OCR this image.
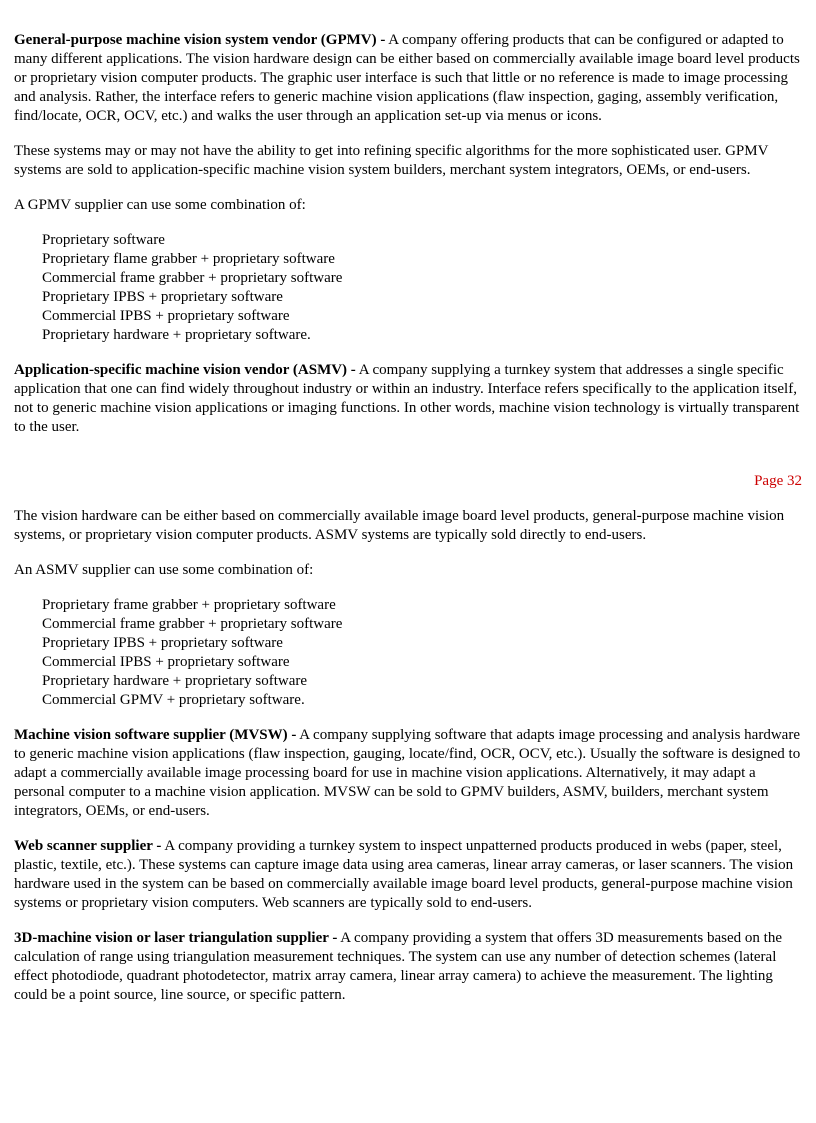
General-purpose machine vision system vendor (GPMV) - A company offering products that can be configured or adapted to many different applications. The vision hardware design can be either based on commercially available image board level products or proprietary vision computer products. The graphic user interface is such that little or no reference is made to image processing and analysis. Rather, the interface refers to generic machine vision applications (flaw inspection, gaging, assembly verification, find/locate, OCR, OCV, etc.) and walks the user through an application set-up via menus or icons.

These systems may or may not have the ability to get into refining specific algorithms for the more sophisticated user. GPMV systems are sold to application-specific machine vision system builders, merchant system integrators, OEMs, or end-users.

A GPMV supplier can use some combination of:

Proprietary software
Proprietary flame grabber + proprietary software
Commercial frame grabber + proprietary software
Proprietary IPBS + proprietary software
Commercial IPBS + proprietary software
Proprietary hardware + proprietary software.

Application-specific machine vision vendor (ASMV) - A company supplying a turnkey system that addresses a single specific application that one can find widely throughout industry or within an industry. Interface refers specifically to the application itself, not to generic machine vision applications or imaging functions. In other words, machine vision technology is virtually transparent to the user.

Page 32

The vision hardware can be either based on commercially available image board level products, general-purpose machine vision systems, or proprietary vision computer products. ASMV systems are typically sold directly to end-users.

An ASMV supplier can use some combination of:

Proprietary frame grabber + proprietary software
Commercial frame grabber + proprietary software
Proprietary IPBS + proprietary software
Commercial IPBS + proprietary software
Proprietary hardware + proprietary software
Commercial GPMV + proprietary software.

Machine vision software supplier (MVSW) - A company supplying software that adapts image processing and analysis hardware to generic machine vision applications (flaw inspection, gauging, locate/find, OCR, OCV, etc.). Usually the software is designed to adapt a commercially available image processing board for use in machine vision applications. Alternatively, it may adapt a personal computer to a machine vision application. MVSW can be sold to GPMV builders, ASMV, builders, merchant system integrators, OEMs, or end-users.

Web scanner supplier - A company providing a turnkey system to inspect unpatterned products produced in webs (paper, steel, plastic, textile, etc.). These systems can capture image data using area cameras, linear array cameras, or laser scanners. The vision hardware used in the system can be based on commercially available image board level products, general-purpose machine vision systems or proprietary vision computers. Web scanners are typically sold to end-users.

3D-machine vision or laser triangulation supplier - A company providing a system that offers 3D measurements based on the calculation of range using triangulation measurement techniques. The system can use any number of detection schemes (lateral effect photodiode, quadrant photodetector, matrix array camera, linear array camera) to achieve the measurement. The lighting could be a point source, line source, or specific pattern.
